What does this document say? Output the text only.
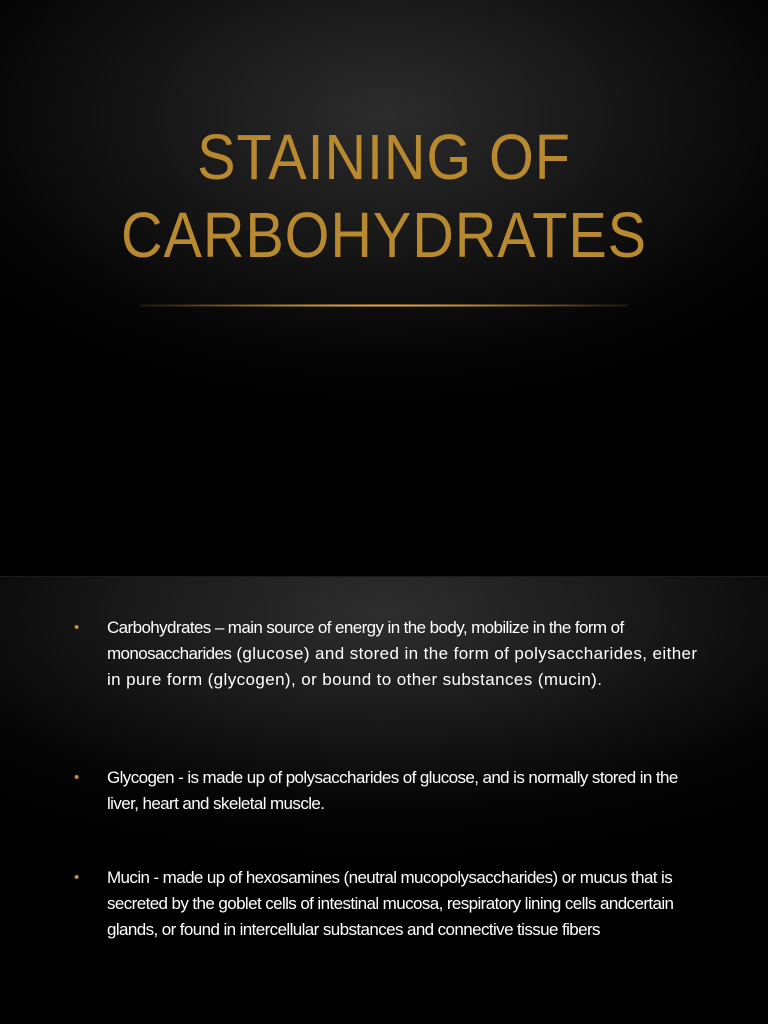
STAINING OF
CARBOHYDRATES
• Carbohydrates – main source of energy in the body, mobilize in the form of monosaccharides (glucose) and stored in the form of polysaccharides, either in pure form (glycogen), or bound to other substances (mucin).
• Glycogen - is made up of polysaccharides of glucose, and is normally stored in the liver, heart and skeletal muscle.
• Mucin - made up of hexosamines (neutral mucopolysaccharides) or mucus that is secreted by the goblet cells of intestinal mucosa, respiratory lining cells andcertain glands, or found in intercellular substances and connective tissue fibers
